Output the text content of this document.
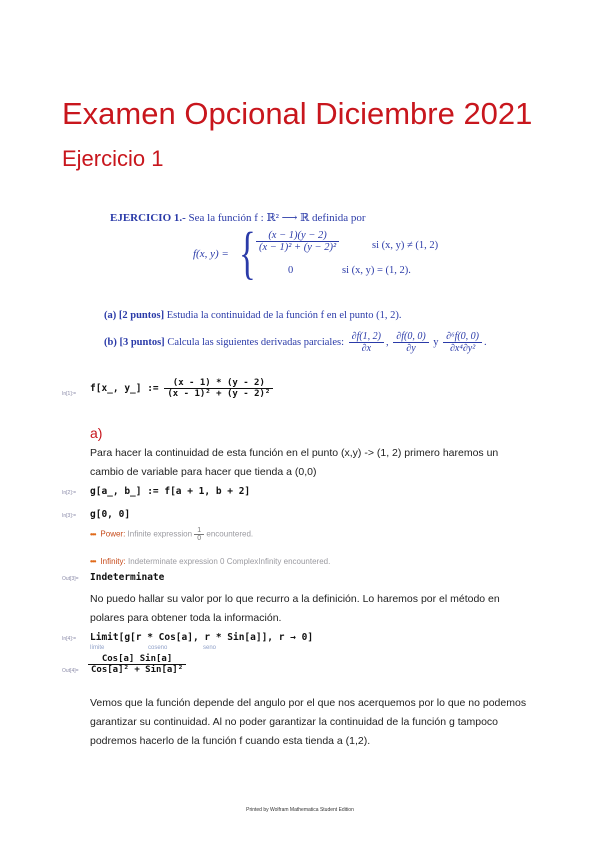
Examen Opcional Diciembre 2021
Ejercicio 1
EJERCICIO 1.- Sea la función f : ℝ² ⟶ ℝ definida por
f(x, y) = { $\frac{(x - 1)(y - 2)}{\text{(x − 1)² + (y − 2)²}}$	si (x, y) ≠ (1, 2)
0	si (x, y) = (1, 2).
(a) [2 puntos] Estudia la continuidad de la función f en el punto (1, 2).
(b) [3 puntos] Calcula las siguientes derivadas parciales: $\frac{\partial f(1, 2)}{\partial x}$ , $\frac{\partial f(0, 0)}{\partial y}$ y $\frac{\text{∂⁶f(0, 0)}}{\text{∂x⁴∂y²}}$ .
In[1]:= f[x_, y_] := $\frac{(x - 1) * (y - 2)}{\text{(x - 1)² + (y - 2)²}}$
a)
Para hacer la continuidad de esta función en el punto (x,y) -> (1, 2) primero haremos un cambio de variable para hacer que tienda a (0,0)
In[2]:= g[a_, b_] := f[a + 1, b + 2]
In[3]:= g[0, 0]
••• Power: Infinite expression $\frac{1}{0}$ encountered.
••• Infinity: Indeterminate expression 0 ComplexInfinity encountered.
Out[3]= Indeterminate
No puedo hallar su valor por lo que recurro a la definición. Lo haremos por el método en polares para obtener toda la información.
In[4]:= Limit[g[r * Cos[a], r * Sin[a]], r → 0]
límite	coseno	seno
$Out[4]= \frac{\text{Cos[a] Sin[a]}}{\text{Cos[a]² + Sin[a]²}}$
Vemos que la función depende del angulo por el que nos acerquemos por lo que no podemos garantizar su continuidad. Al no poder garantizar la continuidad de la función g tampoco podremos hacerlo de la función f cuando esta tienda a (1,2).
Printed by Wolfram Mathematica Student Edition
